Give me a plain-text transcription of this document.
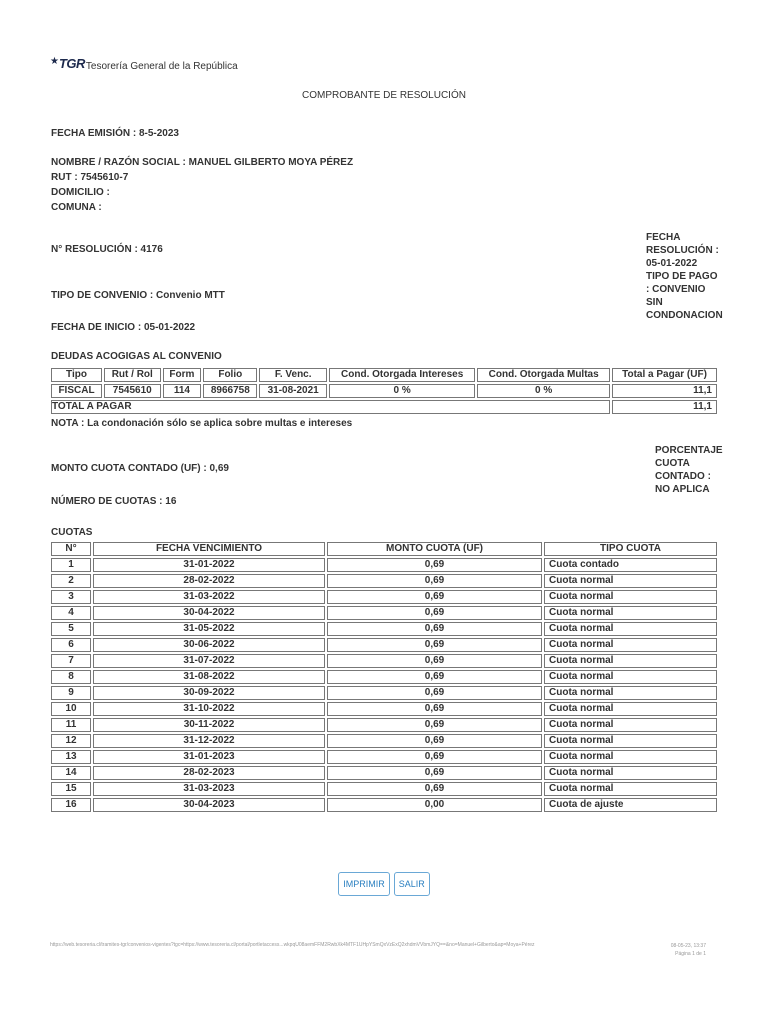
★ TGR Tesorería General de la República
COMPROBANTE DE RESOLUCIÓN
FECHA EMISIÓN : 8-5-2023
NOMBRE / RAZÓN SOCIAL : MANUEL GILBERTO MOYA PÉREZ
RUT : 7545610-7
DOMICILIO :
COMUNA :
N° RESOLUCIÓN : 4176
FECHA
RESOLUCIÓN :
05-01-2022
TIPO DE PAGO
: CONVENIO
SIN
CONDONACION
TIPO DE CONVENIO : Convenio MTT
FECHA DE INICIO : 05-01-2022
DEUDAS ACOGIGAS AL CONVENIO
Tipo	Rut / Rol	Form	Folio	F. Venc.	Cond. Otorgada Intereses	Cond. Otorgada Multas	Total a Pagar (UF)
FISCAL	7545610	114	8966758	31-08-2021	0 %	0 %	11,1
TOTAL A PAGAR							11,1
NOTA : La condonación sólo se aplica sobre multas e intereses
PORCENTAJE
CUOTA
CONTADO :
NO APLICA
MONTO CUOTA CONTADO (UF) : 0,69
NÚMERO DE CUOTAS : 16
CUOTAS
N°	FECHA VENCIMIENTO	MONTO CUOTA (UF)	TIPO CUOTA
1	31-01-2022	0,69	Cuota contado
2	28-02-2022	0,69	Cuota normal
3	31-03-2022	0,69	Cuota normal
4	30-04-2022	0,69	Cuota normal
5	31-05-2022	0,69	Cuota normal
6	30-06-2022	0,69	Cuota normal
7	31-07-2022	0,69	Cuota normal
8	31-08-2022	0,69	Cuota normal
9	30-09-2022	0,69	Cuota normal
10	31-10-2022	0,69	Cuota normal
11	30-11-2022	0,69	Cuota normal
12	31-12-2022	0,69	Cuota normal
13	31-01-2023	0,69	Cuota normal
14	28-02-2023	0,69	Cuota normal
15	31-03-2023	0,69	Cuota normal
16	30-04-2023	0,00	Cuota de ajuste
IMPRIMIR	SALIR
https://web.tesoreria.cl/tramites-tgr/convenios-vigentes?tgc=https://www.tesoreria.cl/portal/portletaccess...wkpqU08aemFFM2RwbXk4MTF1UHpYSmQxVzExQ2xhdmVVbmJYQ==&no=Manuel+Gilberto&ap=Moya+Pérez	08-05-23, 13:37
Página 1 de 1
